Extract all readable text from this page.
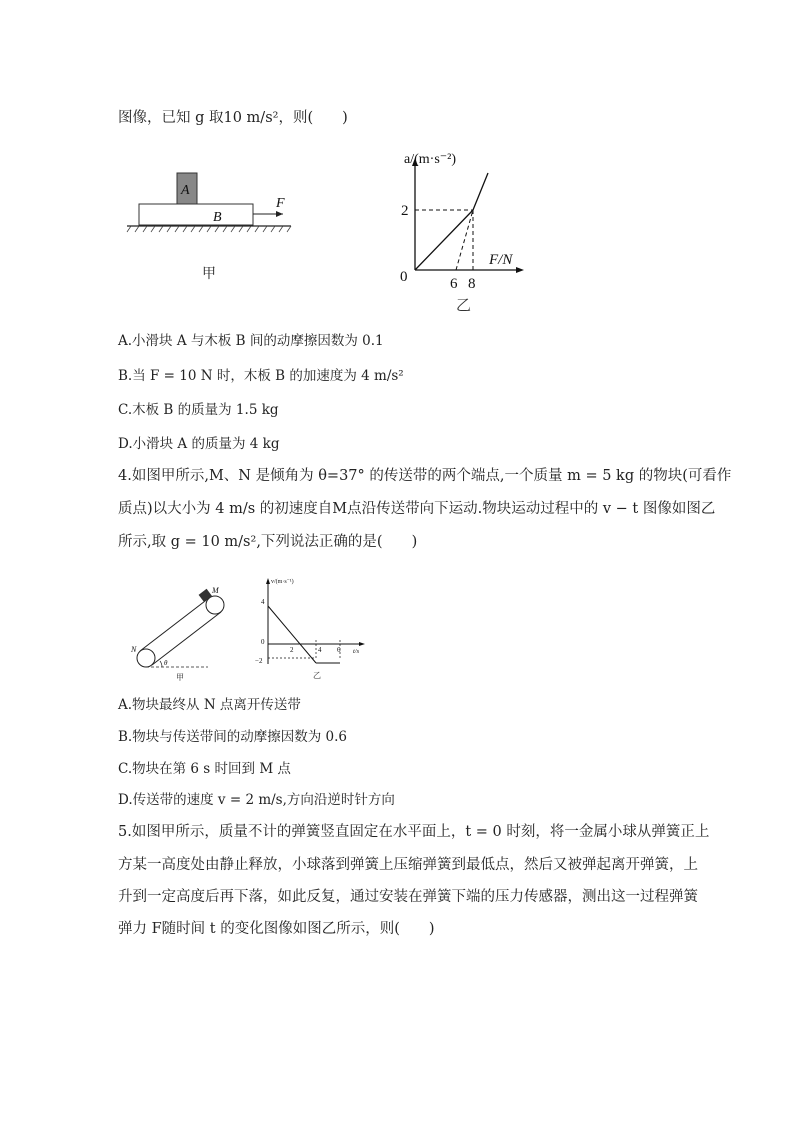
图像，已知 g 取10 m/s²，则(　　)
A
B
F
甲
a/(m·s⁻²)
F/N
0
2
6 8
乙
A.小滑块 A 与木板 B 间的动摩擦因数为 0.1
B.当 F = 10 N 时，木板 B 的加速度为 4 m/s²
C.木板 B 的质量为 1.5 kg
D.小滑块 A 的质量为 4 kg
4.如图甲所示,M、N 是倾角为 θ=37° 的传送带的两个端点,一个质量 m = 5 kg 的物块(可看作
质点)以大小为 4 m/s 的初速度自M点沿传送带向下运动.物块运动过程中的 v − t 图像如图乙
所示,取 g = 10 m/s²,下列说法正确的是(　　)
M
N
θ
甲
v/(m·s⁻¹)
t/s
4
0
−2
2	4 6
乙
A.物块最终从 N 点离开传送带
B.物块与传送带间的动摩擦因数为 0.6
C.物块在第 6 s 时回到 M 点
D.传送带的速度 v = 2 m/s,方向沿逆时针方向
5.如图甲所示，质量不计的弹簧竖直固定在水平面上，t = 0 时刻，将一金属小球从弹簧正上
方某一高度处由静止释放，小球落到弹簧上压缩弹簧到最低点，然后又被弹起离开弹簧，上
升到一定高度后再下落，如此反复，通过安装在弹簧下端的压力传感器，测出这一过程弹簧
弹力 F随时间 t 的变化图像如图乙所示，则(　　)
